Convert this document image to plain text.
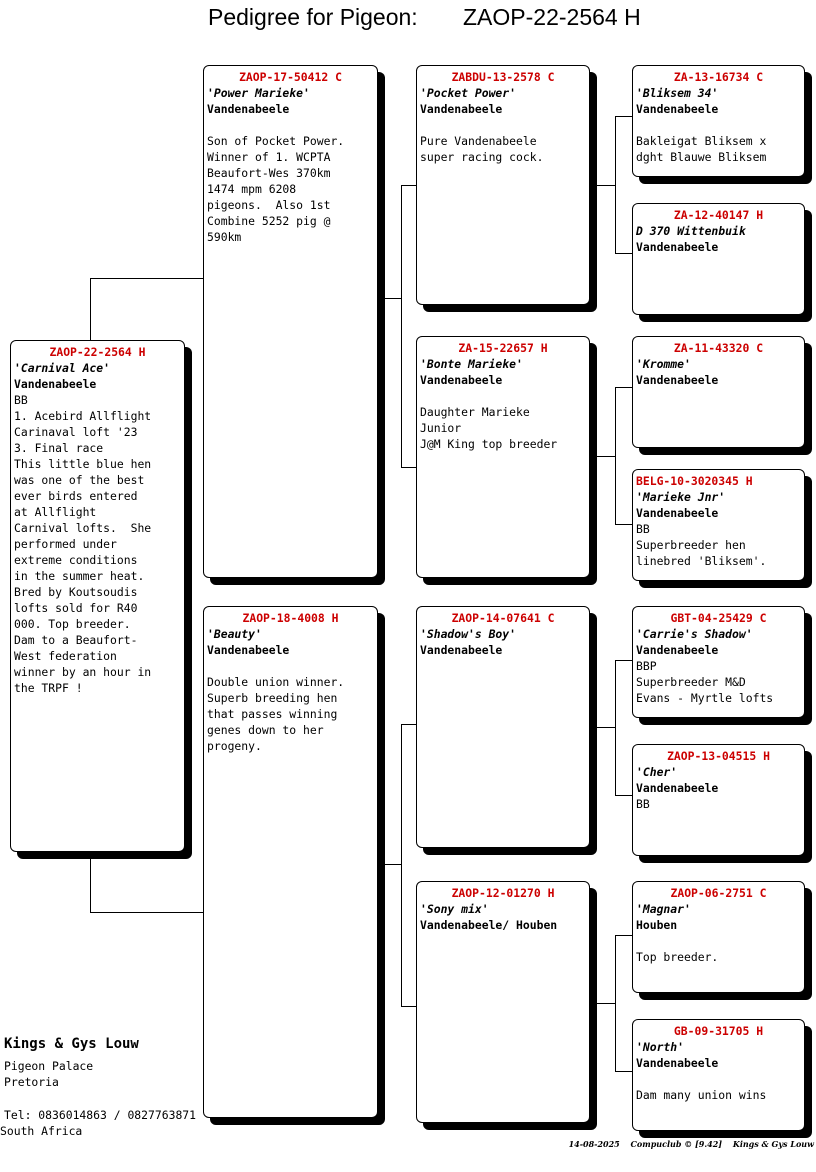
Pedigree for Pigeon: ZAOP-22-2564 H
ZAOP-22-2564 H
'Carnival Ace'
Vandenabeele
BB
1. Acebird Allflight
Carinaval loft '23
3. Final race
This little blue hen
was one of the best
ever birds entered
at Allflight
Carnival lofts.  She
performed under
extreme conditions
in the summer heat.
Bred by Koutsoudis
lofts sold for R40
000. Top breeder.
Dam to a Beaufort-
West federation
winner by an hour in
the TRPF !
ZAOP-17-50412 C
'Power Marieke'
Vandenabeele

Son of Pocket Power.
Winner of 1. WCPTA
Beaufort-Wes 370km
1474 mpm 6208
pigeons.  Also 1st
Combine 5252 pig @
590km
ZAOP-18-4008 H
'Beauty'
Vandenabeele

Double union winner.
Superb breeding hen
that passes winning
genes down to her
progeny.
ZABDU-13-2578 C
'Pocket Power'
Vandenabeele

Pure Vandenabeele
super racing cock.
ZA-15-22657 H
'Bonte Marieke'
Vandenabeele

Daughter Marieke
Junior
J@M King top breeder
ZAOP-14-07641 C
'Shadow's Boy'
Vandenabeele
ZAOP-12-01270 H
'Sony mix'
Vandenabeele/ Houben
ZA-13-16734 C
'Bliksem 34'
Vandenabeele

Bakleigat Bliksem x
dght Blauwe Bliksem
ZA-12-40147 H
D 370 Wittenbuik
Vandenabeele
ZA-11-43320 C
'Kromme'
Vandenabeele
BELG-10-3020345 H
'Marieke Jnr'
Vandenabeele
BB
Superbreeder hen
linebred 'Bliksem'.
GBT-04-25429 C
'Carrie's Shadow'
Vandenabeele
BBP
Superbreeder M&D
Evans - Myrtle lofts
ZAOP-13-04515 H
'Cher'
Vandenabeele
BB
ZAOP-06-2751 C
'Magnar'
Houben

Top breeder.
GB-09-31705 H
'North'
Vandenabeele

Dam many union wins
Kings & Gys Louw
Pigeon Palace
Pretoria
Tel: 0836014863 / 0827763871
South Africa
14-08-2025 Compuclub © [9.42] Kings & Gys Louw
